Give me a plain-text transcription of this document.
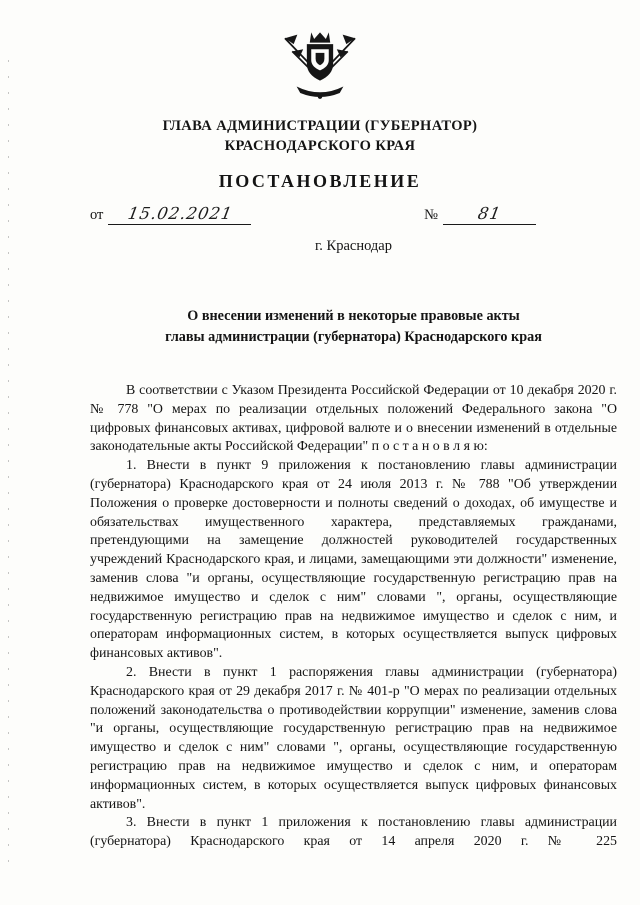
ГЛАВА АДМИНИСТРАЦИИ (ГУБЕРНАТОР)
КРАСНОДАРСКОГО КРАЯ
ПОСТАНОВЛЕНИЕ
от	15.02.2021	№	81
г. Краснодар
О внесении изменений в некоторые правовые акты
главы администрации (губернатора) Краснодарского края

В соответствии с Указом Президента Российской Федерации от 10 декабря 2020 г. № 778 "О мерах по реализации отдельных положений Федерального закона "О цифровых финансовых активах, цифровой валюте и о внесении изменений в отдельные законодательные акты Российской Федерации" п о с т а н о в л я ю:

1. Внести в пункт 9 приложения к постановлению главы администрации (губернатора) Краснодарского края от 24 июля 2013 г. № 788 "Об утверждении Положения о проверке достоверности и полноты сведений о доходах, об имуществе и обязательствах имущественного характера, представляемых гражданами, претендующими на замещение должностей руководителей государственных учреждений Краснодарского края, и лицами, замещающими эти должности" изменение, заменив слова "и органы, осуществляющие государственную регистрацию прав на недвижимое имущество и сделок с ним" словами ", органы, осуществляющие государственную регистрацию прав на недвижимое имущество и сделок с ним, и операторам информационных систем, в которых осуществляется выпуск цифровых финансовых активов".

2. Внести в пункт 1 распоряжения главы администрации (губернатора) Краснодарского края от 29 декабря 2017 г. № 401-р "О мерах по реализации отдельных положений законодательства о противодействии коррупции" изменение, заменив слова "и органы, осуществляющие государственную регистрацию прав на недвижимое имущество и сделок с ним" словами ", органы, осуществляющие государственную регистрацию прав на недвижимое имущество и сделок с ним, и операторам информационных систем, в которых осуществляется выпуск цифровых финансовых активов".

3. Внести в пункт 1 приложения к постановлению главы администрации (губернатора) Краснодарского края от 14 апреля 2020 г. № 225
